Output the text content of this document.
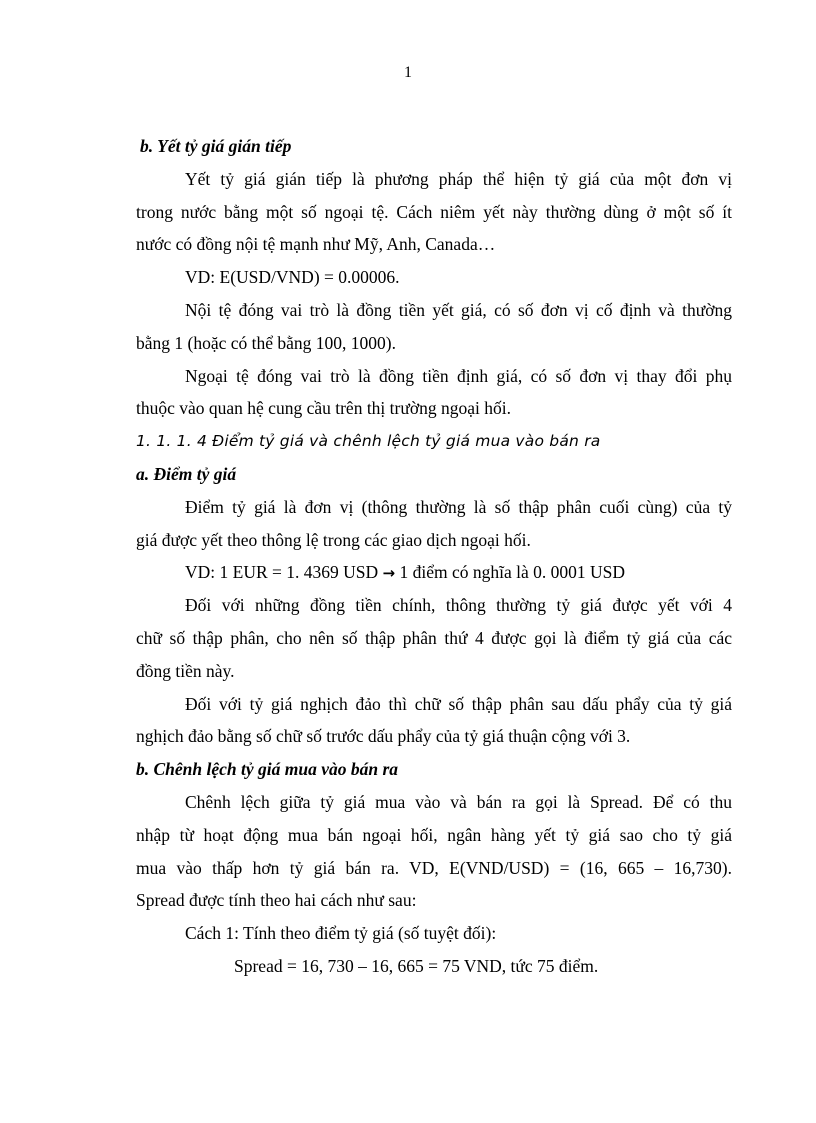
1
b. Yết tỷ giá gián tiếp
Yết tỷ giá gián tiếp là phương pháp thể hiện tỷ giá của một đơn vị
trong nước bằng một số ngoại tệ. Cách niêm yết này thường dùng ở một số ít
nước có đồng nội tệ mạnh như Mỹ, Anh, Canada…
VD: E(USD/VND) = 0.00006.
Nội tệ đóng vai trò là đồng tiền yết giá, có số đơn vị cố định và thường
bằng 1 (hoặc có thể bằng 100, 1000).
Ngoại tệ đóng vai trò là đồng tiền định giá, có số đơn vị thay đổi phụ
thuộc vào quan hệ cung cầu trên thị trường ngoại hối.
1. 1. 1. 4 Điểm tỷ giá và chênh lệch tỷ giá mua vào bán ra
a. Điểm tỷ giá
Điểm tỷ giá là đơn vị (thông thường là số thập phân cuối cùng) của tỷ
giá được yết theo thông lệ trong các giao dịch ngoại hối.
VD: 1 EUR = 1. 4369 USD → 1 điểm có nghĩa là 0. 0001 USD
Đối với những đồng tiền chính, thông thường tỷ giá được yết với 4
chữ số thập phân, cho nên số thập phân thứ 4 được gọi là điểm tỷ giá của các
đồng tiền này.
Đối với tỷ giá nghịch đảo thì chữ số thập phân sau dấu phẩy của tỷ giá
nghịch đảo bằng số chữ số trước dấu phẩy của tỷ giá thuận cộng với 3.
b. Chênh lệch tỷ giá mua vào bán ra
Chênh lệch giữa tỷ giá mua vào và bán ra gọi là Spread. Để có thu
nhập từ hoạt động mua bán ngoại hối, ngân hàng yết tỷ giá sao cho tỷ giá
mua vào thấp hơn tỷ giá bán ra. VD, E(VND/USD) = (16, 665 – 16,730).
Spread được tính theo hai cách như sau:
Cách 1: Tính theo điểm tỷ giá (số tuyệt đối):
Spread = 16, 730 – 16, 665 = 75 VND, tức 75 điểm.
